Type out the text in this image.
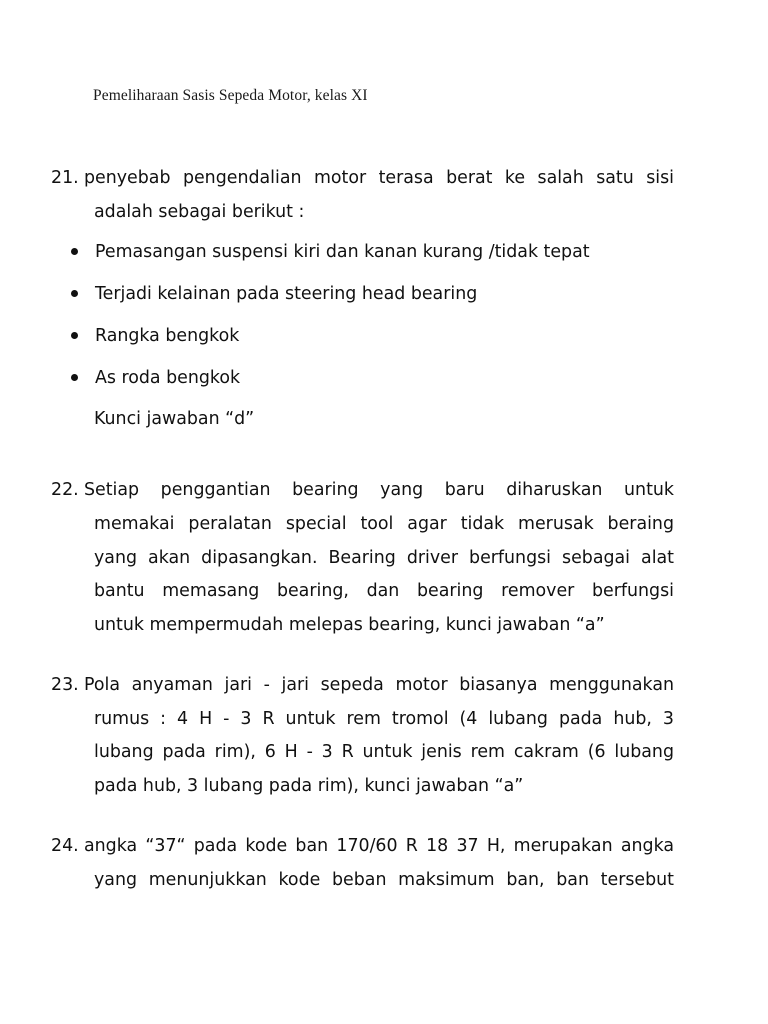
Pemeliharaan Sasis Sepeda Motor, kelas XI
21. penyebab pengendalian motor terasa berat ke salah satu sisi
adalah sebagai berikut :
Pemasangan suspensi kiri dan kanan kurang /tidak tepat
Terjadi kelainan pada steering head bearing
Rangka bengkok
As roda bengkok
Kunci jawaban “d”
22. Setiap penggantian bearing yang baru diharuskan untuk
memakai peralatan special tool agar tidak merusak beraing
yang akan dipasangkan. Bearing driver berfungsi sebagai alat
bantu memasang bearing, dan bearing remover berfungsi
untuk mempermudah melepas bearing, kunci jawaban “a”
23. Pola anyaman jari - jari sepeda motor biasanya menggunakan
rumus : 4 H - 3 R untuk rem tromol (4 lubang pada hub, 3
lubang pada rim), 6 H - 3 R untuk jenis rem cakram (6 lubang
pada hub, 3 lubang pada rim), kunci jawaban “a”
24. angka “37“ pada kode ban 170/60 R 18 37 H, merupakan angka
yang menunjukkan kode beban maksimum ban, ban tersebut
